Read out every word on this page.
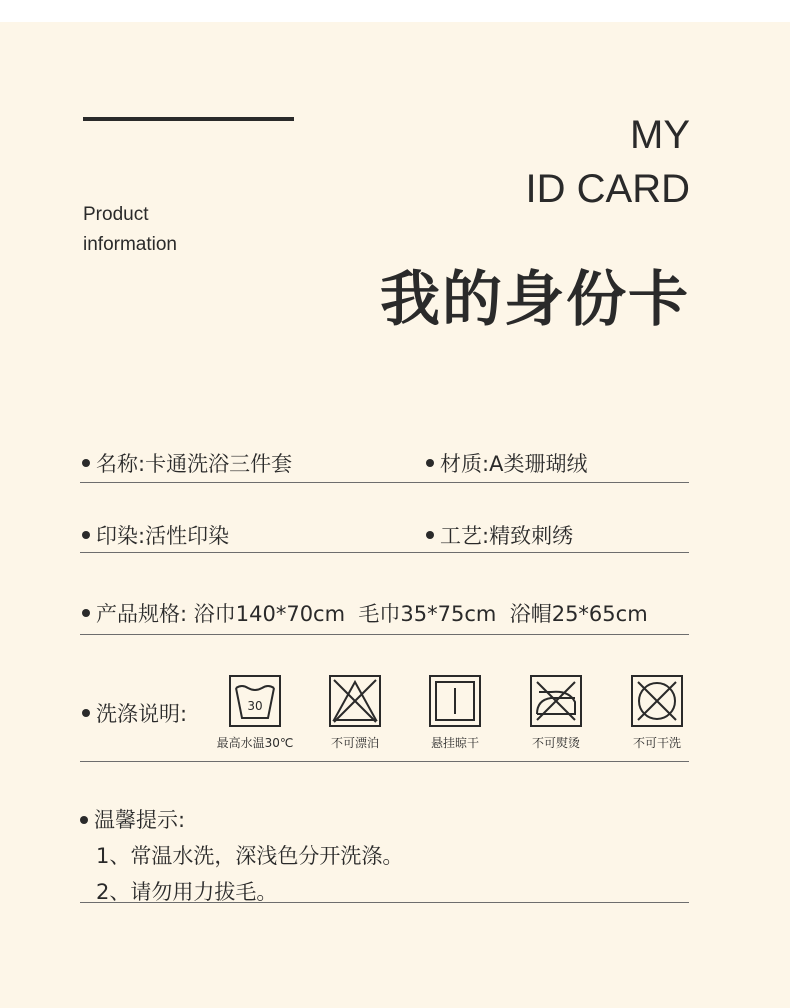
Product
information
MY
ID CARD
我的身份卡
名称:卡通洗浴三件套	材质:A类珊瑚绒
印染:活性印染	工艺:精致刺绣
产品规格: 浴巾140*70cm  毛巾35*75cm  浴帽25*65cm
洗涤说明:	30
最高水温30℃	不可漂泊	悬挂晾干	不可熨烫	不可干洗
温馨提示:
1、常温水洗，深浅色分开洗涤。
2、请勿用力拔毛。
